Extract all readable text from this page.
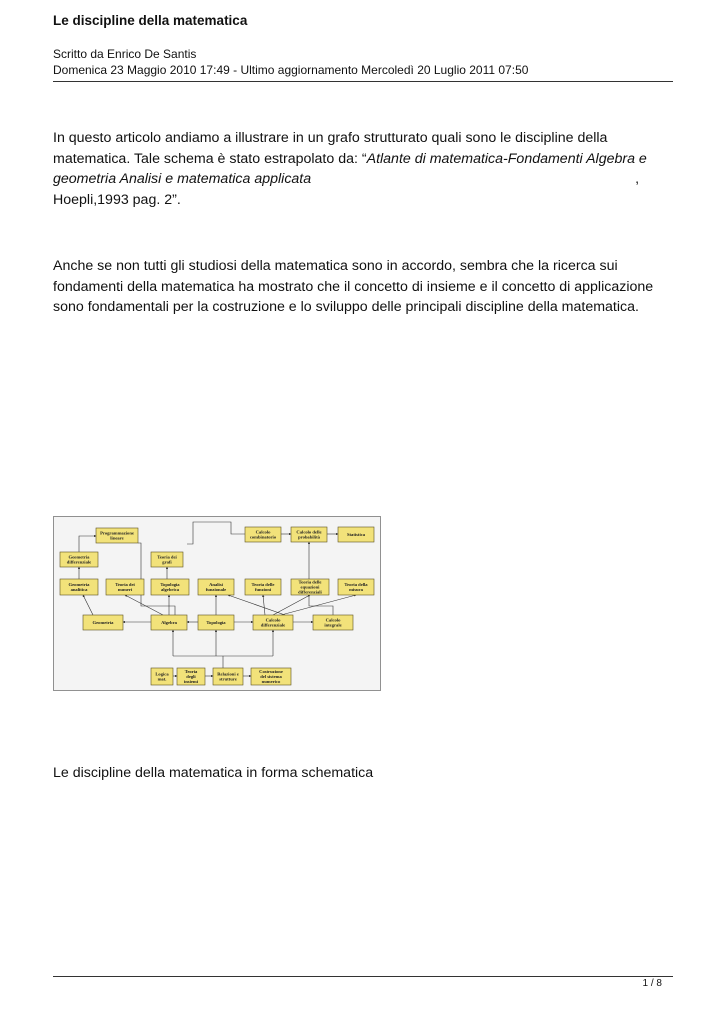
Le discipline della matematica
Scritto da Enrico De Santis
Domenica 23 Maggio 2010 17:49 - Ultimo aggiornamento Mercoledì 20 Luglio 2011 07:50
In questo articolo andiamo a illustrare in un grafo strutturato quali sono le discipline della matematica. Tale schema è stato estrapolato da: “Atlante di matematica-Fondamenti Algebra e geometria Analisi e matematica applicata	,
Hoepli,1993 pag. 2”.
Anche se non tutti gli studiosi della matematica sono in accordo, sembra che la ricerca sui fondamenti della matematica ha mostrato che il concetto di insieme e il concetto di applicazione sono fondamentali per la costruzione e lo sviluppo delle principali discipline della matematica.
Programmazione
lineare
Geometria
differenziale
Teoria dei
grafi
Calcolo
combinatorio
Calcolo delle
probabilità	Statistica
Geometria
analitica
Teoria dei
numeri
Topologia
algebrica
Analisi
funzionale
Teoria delle
funzioni
Teoria delle
equazioni
differenziali
Teoria della
misura
Geometria	Algebra	Topologia	Calcolo
differenziale
Calcolo
integrale
Logica
mat.
Teoria
degli
insiemi
Relazioni e
strutture
Costruzione
del sistema
numerico
Le discipline della matematica in forma schematica
1 / 8
